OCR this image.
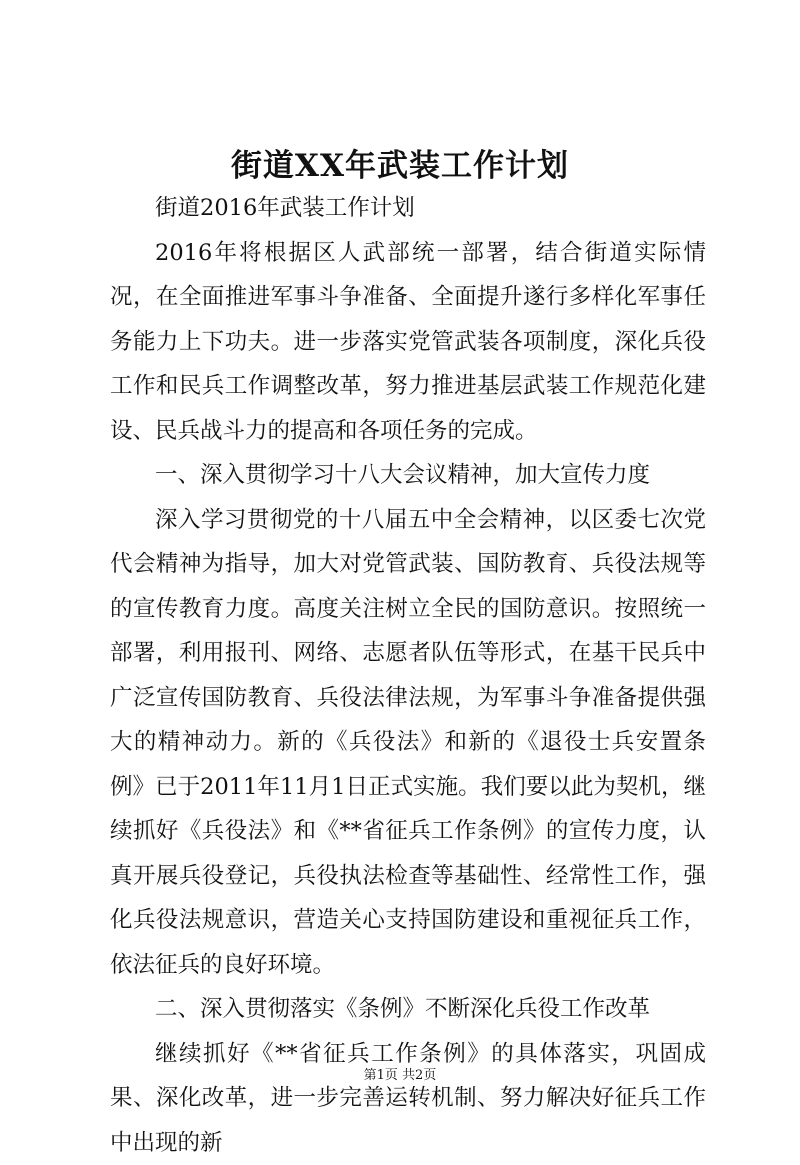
街道XX年武装工作计划

街道2016年武装工作计划

2016年将根据区人武部统一部署，结合街道实际情况，在全面推进军事斗争准备、全面提升遂行多样化军事任务能力上下功夫。进一步落实党管武装各项制度，深化兵役工作和民兵工作调整改革，努力推进基层武装工作规范化建设、民兵战斗力的提高和各项任务的完成。

一、深入贯彻学习十八大会议精神，加大宣传力度

深入学习贯彻党的十八届五中全会精神，以区委七次党代会精神为指导，加大对党管武装、国防教育、兵役法规等的宣传教育力度。高度关注树立全民的国防意识。按照统一部署，利用报刊、网络、志愿者队伍等形式，在基干民兵中广泛宣传国防教育、兵役法律法规，为军事斗争准备提供强大的精神动力。新的《兵役法》和新的《退役士兵安置条例》已于2011年11月1日正式实施。我们要以此为契机，继续抓好《兵役法》和《**省征兵工作条例》的宣传力度，认真开展兵役登记，兵役执法检查等基础性、经常性工作，强化兵役法规意识，营造关心支持国防建设和重视征兵工作，依法征兵的良好环境。

二、深入贯彻落实《条例》不断深化兵役工作改革

继续抓好《**省征兵工作条例》的具体落实，巩固成果、深化改革，进一步完善运转机制、努力解决好征兵工作中出现的新

第1页 共2页
